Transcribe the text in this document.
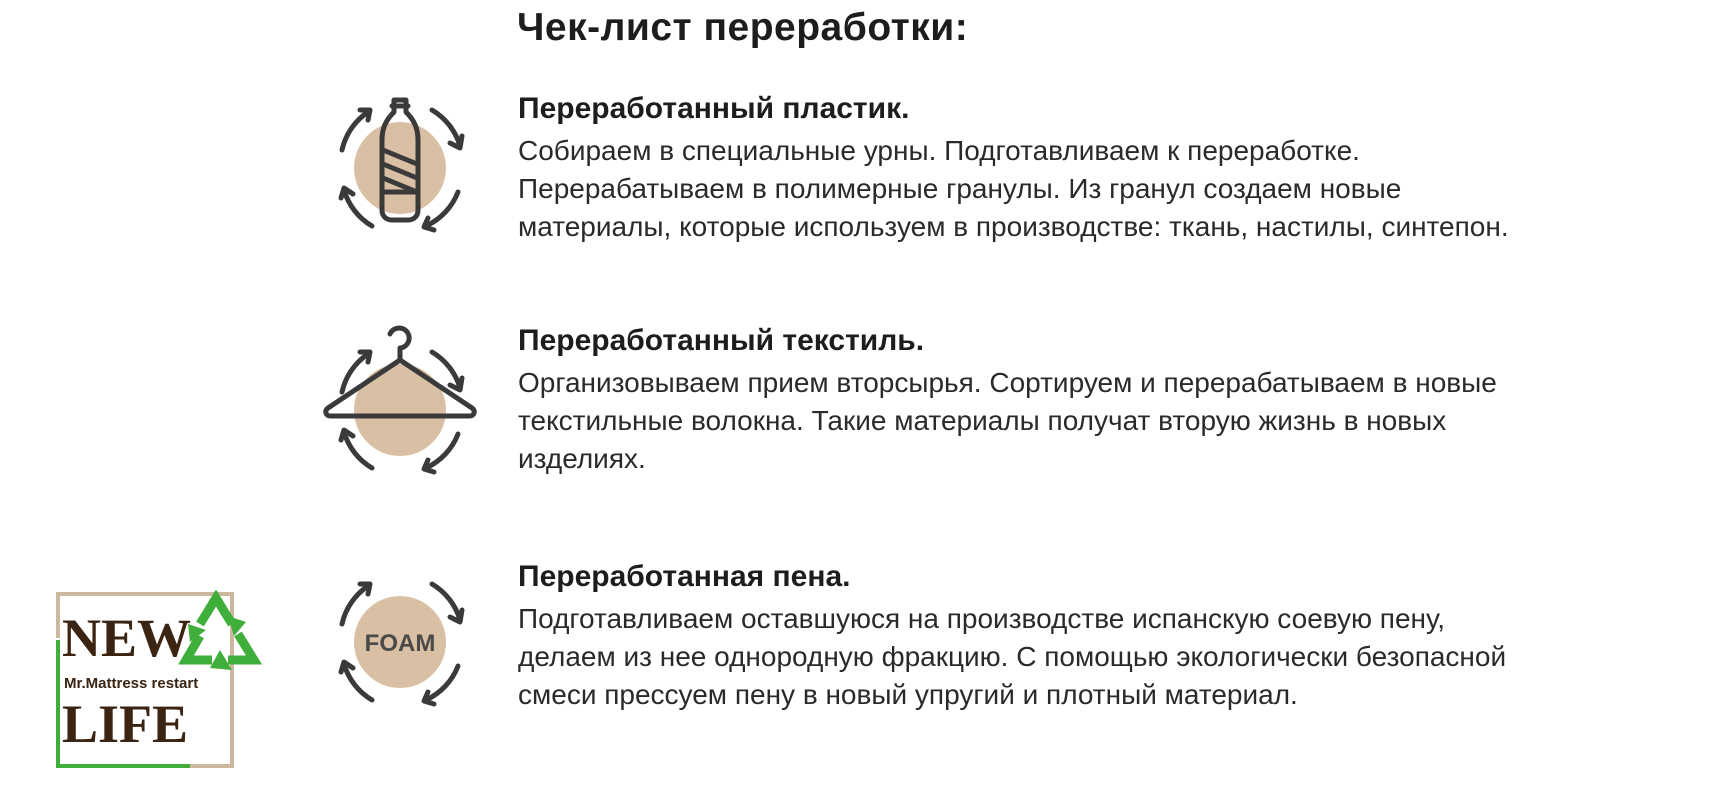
Чек-лист переработки:
Переработанный пластик.

Собираем в специальные урны. Подготавливаем к переработке.
Перерабатываем в полимерные гранулы. Из гранул создаем новые
материалы, которые используем в производстве: ткань, настилы, синтепон.

Переработанный текстиль.

Организовываем прием вторсырья. Сортируем и перерабатываем в новые
текстильные волокна. Такие материалы получат вторую жизнь в новых
изделиях.

FOAM
Переработанная пена.

Подготавливаем оставшуюся на производстве испанскую соевую пену,
делаем из нее однородную фракцию. С помощью экологически безопасной
смеси прессуем пену в новый упругий и плотный материал.

NEW
Mr.Mattress restart
LIFE
